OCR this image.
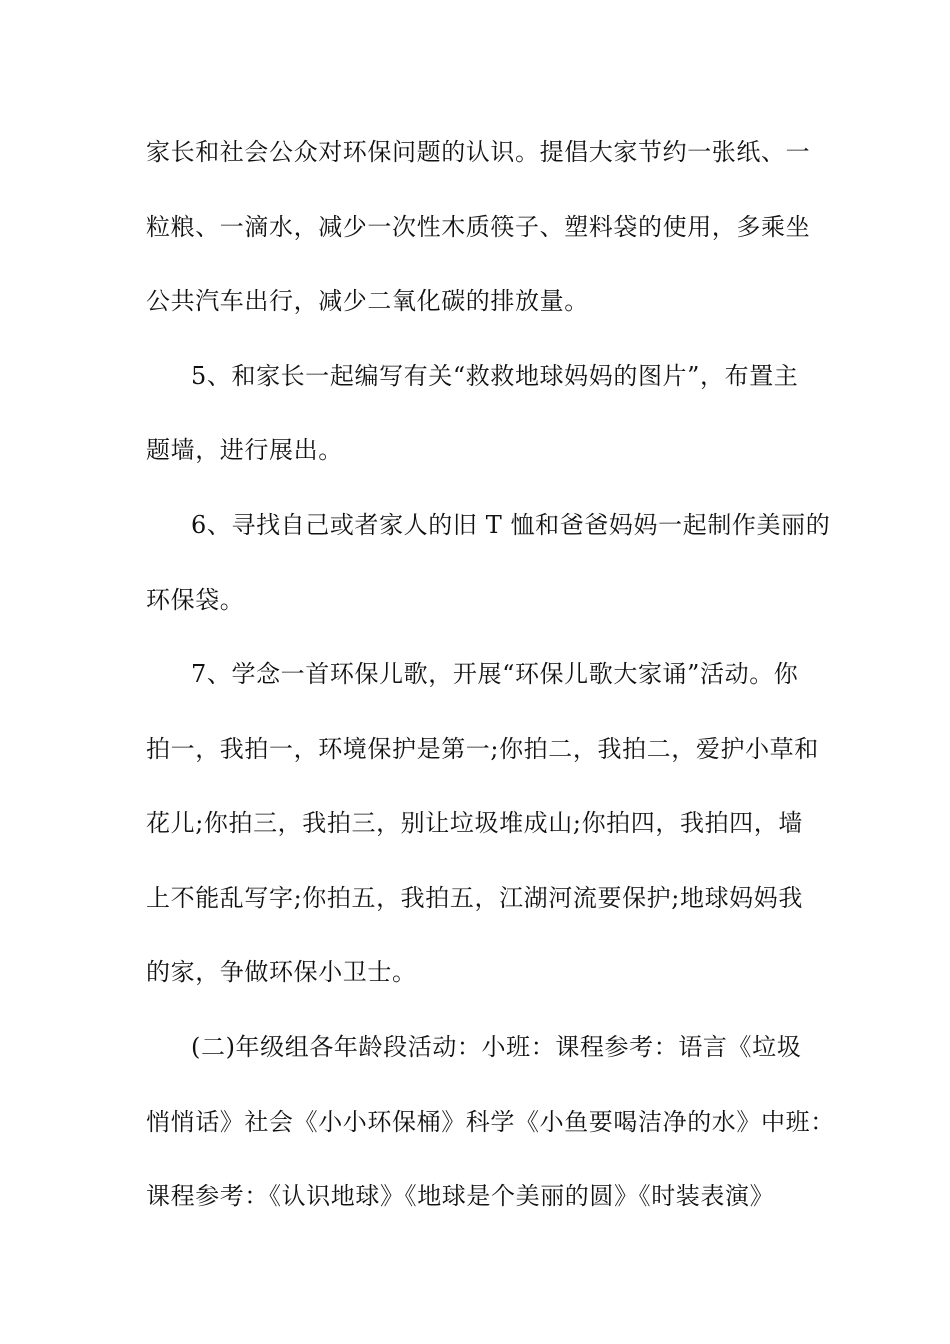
家长和社会公众对环保问题的认识。提倡大家节约一张纸、一
粒粮、一滴水，减少一次性木质筷子、塑料袋的使用，多乘坐
公共汽车出行，减少二氧化碳的排放量。
5、和家长一起编写有关“救救地球妈妈的图片”，布置主
题墙，进行展出。
6、寻找自己或者家人的旧 T 恤和爸爸妈妈一起制作美丽的
环保袋。
7、学念一首环保儿歌，开展“环保儿歌大家诵”活动。你
拍一，我拍一，环境保护是第一;你拍二，我拍二，爱护小草和
花儿;你拍三，我拍三，别让垃圾堆成山;你拍四，我拍四，墙
上不能乱写字;你拍五，我拍五，江湖河流要保护;地球妈妈我
的家，争做环保小卫士。
(二)年级组各年龄段活动：小班：课程参考：语言《垃圾
悄悄话》社会《小小环保桶》科学《小鱼要喝洁净的水》中班：
课程参考：《认识地球》《地球是个美丽的圆》《时装表演》
